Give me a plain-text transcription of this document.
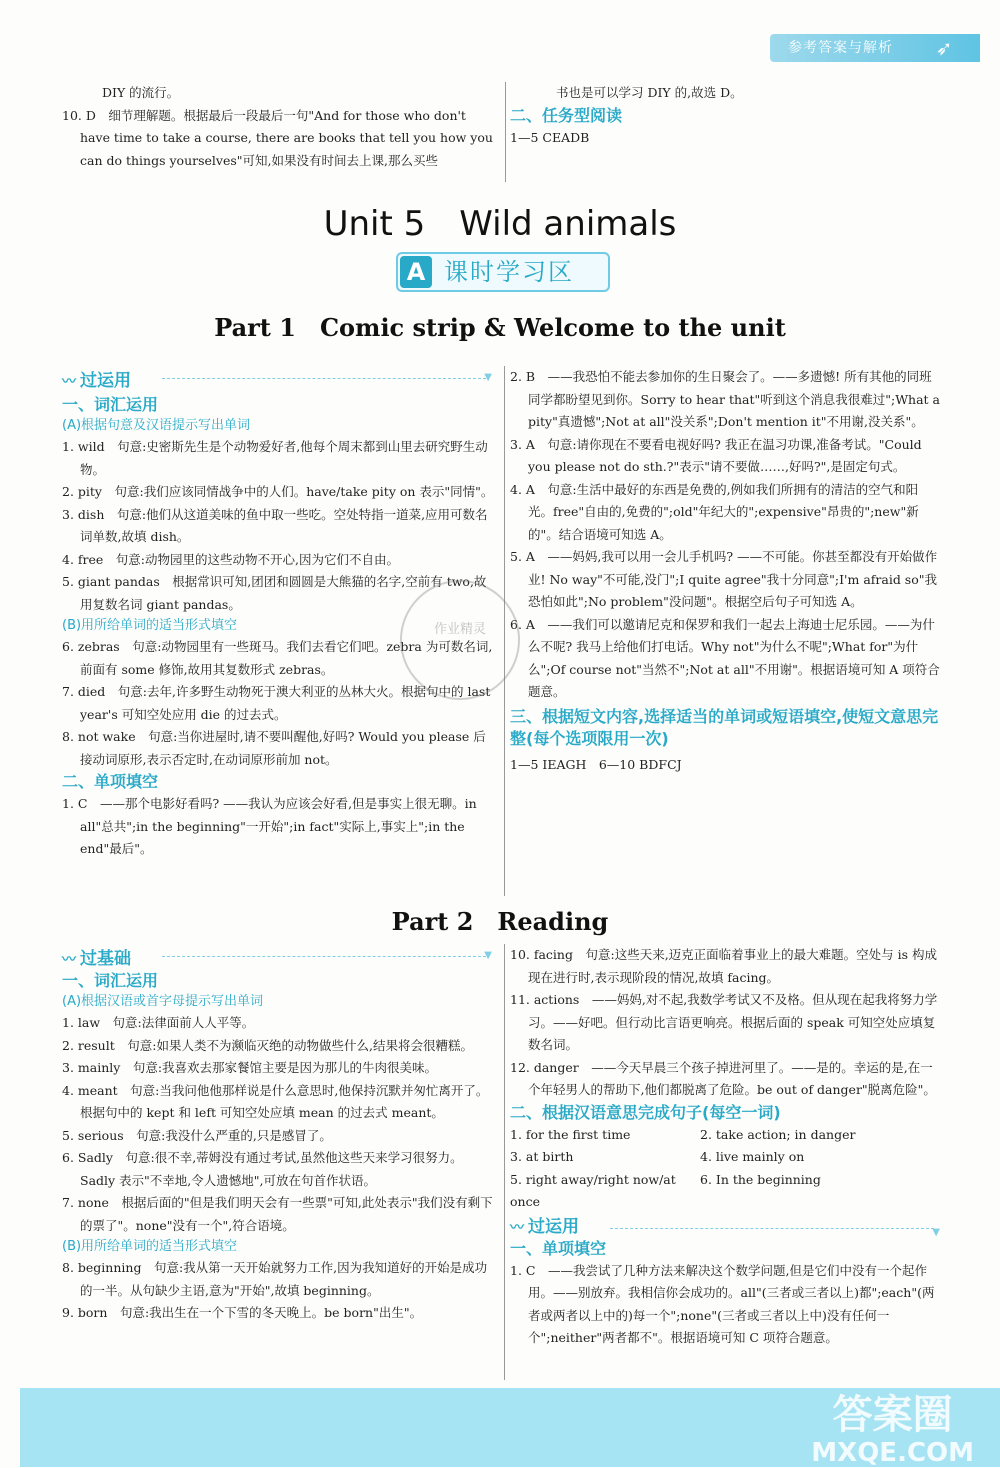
参考答案与解析	➶

DIY 的流行。

10. D　细节理解题。根据最后一段最后一句"And for those who don't have time to take a course, there are books that tell you how you can do things yourselves"可知,如果没有时间去上课,那么买些

书也是可以学习 DIY 的,故选 D。

二、任务型阅读

1—5 CEADB

Unit 5　Wild animals
A 课时学习区
Part 1　Comic strip & Welcome to the unit
〰 过运用	▼
一、词汇运用
(A)根据句意及汉语提示写出单词

1. wild　句意:史密斯先生是个动物爱好者,他每个周末都到山里去研究野生动物。

2. pity　句意:我们应该同情战争中的人们。have/take pity on 表示"同情"。

3. dish　句意:他们从这道美味的鱼中取一些吃。空处特指一道菜,应用可数名词单数,故填 dish。

4. free　句意:动物园里的这些动物不开心,因为它们不自由。

5. giant pandas　根据常识可知,团团和圆圆是大熊猫的名字,空前有 two,故用复数名词 giant pandas。

(B)用所给单词的适当形式填空

6. zebras　句意:动物园里有一些斑马。我们去看它们吧。zebra 为可数名词,前面有 some 修饰,故用其复数形式 zebras。

7. died　句意:去年,许多野生动物死于澳大利亚的丛林大火。根据句中的 last year's 可知空处应用 die 的过去式。

8. not wake　句意:当你进屋时,请不要叫醒他,好吗? Would you please 后接动词原形,表示否定时,在动词原形前加 not。

二、单项填空

1. C　——那个电影好看吗? ——我认为应该会好看,但是事实上很无聊。in all"总共";in the beginning"一开始";in fact"实际上,事实上";in the end"最后"。

2. B　——我恐怕不能去参加你的生日聚会了。——多遗憾! 所有其他的同班同学都盼望见到你。Sorry to hear that"听到这个消息我很难过";What a pity"真遗憾";Not at all"没关系";Don't mention it"不用谢,没关系"。

3. A　句意:请你现在不要看电视好吗? 我正在温习功课,准备考试。"Could you please not do sth.?"表示"请不要做……,好吗?",是固定句式。

4. A　句意:生活中最好的东西是免费的,例如我们所拥有的清洁的空气和阳光。free"自由的,免费的";old"年纪大的";expensive"昂贵的";new"新的"。结合语境可知选 A。

5. A　——妈妈,我可以用一会儿手机吗? ——不可能。你甚至都没有开始做作业! No way"不可能,没门";I quite agree"我十分同意";I'm afraid so"我恐怕如此";No problem"没问题"。根据空后句子可知选 A。

6. A　——我们可以邀请尼克和保罗和我们一起去上海迪士尼乐园。——为什么不呢? 我马上给他们打电话。Why not"为什么不呢";What for"为什么";Of course not"当然不";Not at all"不用谢"。根据语境可知 A 项符合题意。

三、根据短文内容,选择适当的单词或短语填空,使短文意思完整(每个选项限用一次)

1—5 IEAGH　6—10 BDFCJ

Part 2　Reading
〰 过基础	▼
一、词汇运用
(A)根据汉语或首字母提示写出单词

1. law　句意:法律面前人人平等。

2. result　句意:如果人类不为濒临灭绝的动物做些什么,结果将会很糟糕。

3. mainly　句意:我喜欢去那家餐馆主要是因为那儿的牛肉很美味。

4. meant　句意:当我问他他那样说是什么意思时,他保持沉默并匆忙离开了。根据句中的 kept 和 left 可知空处应填 mean 的过去式 meant。

5. serious　句意:我没什么严重的,只是感冒了。

6. Sadly　句意:很不幸,蒂姆没有通过考试,虽然他这些天来学习很努力。Sadly 表示"不幸地,令人遗憾地",可放在句首作状语。

7. none　根据后面的"但是我们明天会有一些票"可知,此处表示"我们没有剩下的票了"。none"没有一个",符合语境。

(B)用所给单词的适当形式填空

8. beginning　句意:我从第一天开始就努力工作,因为我知道好的开始是成功的一半。从句缺少主语,意为"开始",故填 beginning。

9. born　句意:我出生在一个下雪的冬天晚上。be born"出生"。

10. facing　句意:这些天来,迈克正面临着事业上的最大难题。空处与 is 构成现在进行时,表示现阶段的情况,故填 facing。

11. actions　——妈妈,对不起,我数学考试又不及格。但从现在起我将努力学习。——好吧。但行动比言语更响亮。根据后面的 speak 可知空处应填复数名词。

12. danger　——今天早晨三个孩子掉进河里了。——是的。幸运的是,在一个年轻男人的帮助下,他们都脱离了危险。be out of danger"脱离危险"。

二、根据汉语意思完成句子(每空一词)
1. for the first time	2. take action; in danger
3. at birth	4. live mainly on
5. right away/right now/at once
6. In the beginning
〰 过运用	▼
一、单项填空

1. C　——我尝试了几种方法来解决这个数学问题,但是它们中没有一个起作用。——别放弃。我相信你会成功的。all"(三者或三者以上)都";each"(两者或两者以上中的)每一个";none"(三者或三者以上中)没有任何一个";neither"两者都不"。根据语境可知 C 项符合题意。

作业精灵
答案圈
MXQE.COM
